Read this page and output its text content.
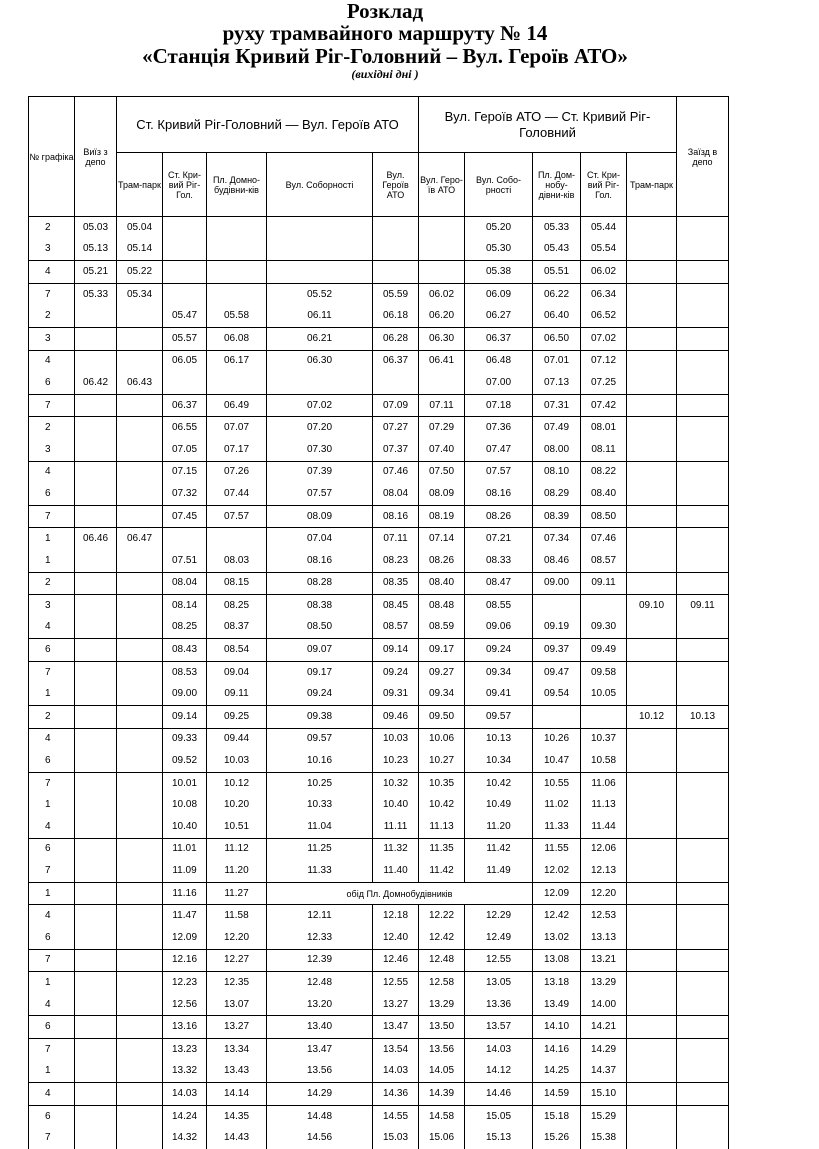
Розклад
руху трамвайного маршруту № 14
«Станція Кривий Ріг-Головний – Вул. Героїв АТО»
(вихідні дні )
№ графіка	Виїз з депо	Ст. Кривий Ріг-Головний — Вул. Героїв АТО					Вул. Героїв АТО — Ст. Кривий Ріг-Головний					Заїзд в депо
		Трам-парк	Ст. Кри-вий Ріг-Гол.	Пл. Домно-будівни-ків	Вул. Соборності	Вул. Героїв АТО	Вул. Геро-їв АТО	Вул. Собо-рності	Пл. Дом-нобу-дівни-ків	Ст. Кри-вий Ріг-Гол.	Трам-парк	
2	05.03	05.04						05.20	05.33	05.44		
3	05.13	05.14						05.30	05.43	05.54		
4	05.21	05.22						05.38	05.51	06.02		
7	05.33	05.34			05.52	05.59	06.02	06.09	06.22	06.34		
2			05.47	05.58	06.11	06.18	06.20	06.27	06.40	06.52		
3			05.57	06.08	06.21	06.28	06.30	06.37	06.50	07.02		
4			06.05	06.17	06.30	06.37	06.41	06.48	07.01	07.12		
6	06.42	06.43						07.00	07.13	07.25		
7			06.37	06.49	07.02	07.09	07.11	07.18	07.31	07.42		
2			06.55	07.07	07.20	07.27	07.29	07.36	07.49	08.01		
3			07.05	07.17	07.30	07.37	07.40	07.47	08.00	08.11		
4			07.15	07.26	07.39	07.46	07.50	07.57	08.10	08.22		
6			07.32	07.44	07.57	08.04	08.09	08.16	08.29	08.40		
7			07.45	07.57	08.09	08.16	08.19	08.26	08.39	08.50		
1	06.46	06.47			07.04	07.11	07.14	07.21	07.34	07.46		
1			07.51	08.03	08.16	08.23	08.26	08.33	08.46	08.57		
2			08.04	08.15	08.28	08.35	08.40	08.47	09.00	09.11		
3			08.14	08.25	08.38	08.45	08.48	08.55			09.10	09.11
4			08.25	08.37	08.50	08.57	08.59	09.06	09.19	09.30		
6			08.43	08.54	09.07	09.14	09.17	09.24	09.37	09.49		
7			08.53	09.04	09.17	09.24	09.27	09.34	09.47	09.58		
1			09.00	09.11	09.24	09.31	09.34	09.41	09.54	10.05		
2			09.14	09.25	09.38	09.46	09.50	09.57			10.12	10.13
4			09.33	09.44	09.57	10.03	10.06	10.13	10.26	10.37		
6			09.52	10.03	10.16	10.23	10.27	10.34	10.47	10.58		
7			10.01	10.12	10.25	10.32	10.35	10.42	10.55	11.06		
1			10.08	10.20	10.33	10.40	10.42	10.49	11.02	11.13		
4			10.40	10.51	11.04	11.11	11.13	11.20	11.33	11.44		
6			11.01	11.12	11.25	11.32	11.35	11.42	11.55	12.06		
7			11.09	11.20	11.33	11.40	11.42	11.49	12.02	12.13		
1			11.16	11.27	обід Пл. Домнобудівників				12.09	12.20		
4			11.47	11.58	12.11	12.18	12.22	12.29	12.42	12.53		
6			12.09	12.20	12.33	12.40	12.42	12.49	13.02	13.13		
7			12.16	12.27	12.39	12.46	12.48	12.55	13.08	13.21		
1			12.23	12.35	12.48	12.55	12.58	13.05	13.18	13.29		
4			12.56	13.07	13.20	13.27	13.29	13.36	13.49	14.00		
6			13.16	13.27	13.40	13.47	13.50	13.57	14.10	14.21		
7			13.23	13.34	13.47	13.54	13.56	14.03	14.16	14.29		
1			13.32	13.43	13.56	14.03	14.05	14.12	14.25	14.37		
4			14.03	14.14	14.29	14.36	14.39	14.46	14.59	15.10		
6			14.24	14.35	14.48	14.55	14.58	15.05	15.18	15.29		
7			14.32	14.43	14.56	15.03	15.06	15.13	15.26	15.38		
